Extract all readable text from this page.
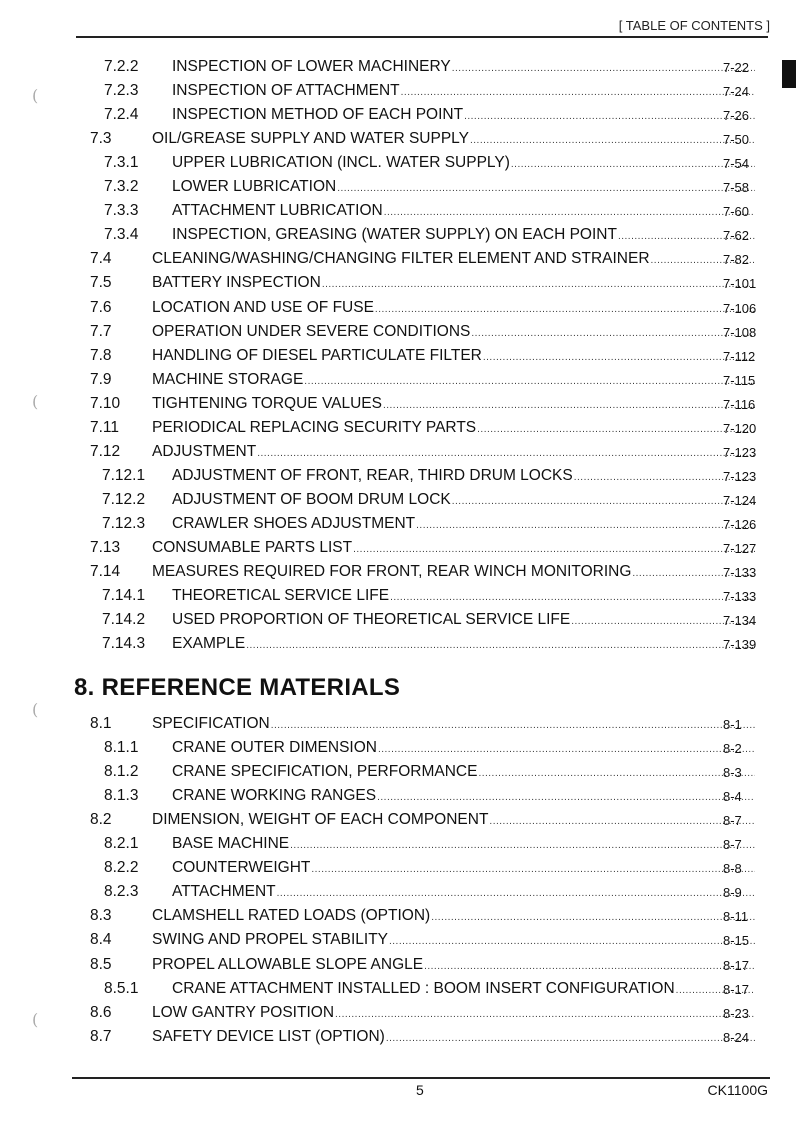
[ TABLE OF CONTENTS ]
(
(
(
(
7.2.2 INSPECTION OF LOWER MACHINERY .....	7-22
7.2.3 INSPECTION OF ATTACHMENT .....	7-24
7.2.4 INSPECTION METHOD OF EACH POINT .....	7-26
7.3	OIL/GREASE SUPPLY AND WATER SUPPLY .....	7-50
7.3.1 UPPER LUBRICATION (INCL. WATER SUPPLY) .....	7-54
7.3.2 LOWER LUBRICATION .....	7-58
7.3.3 ATTACHMENT LUBRICATION .....	7-60
7.3.4 INSPECTION, GREASING (WATER SUPPLY) ON EACH POINT .....	7-62
7.4	CLEANING/WASHING/CHANGING FILTER ELEMENT AND STRAINER .....	7-82
7.5	BATTERY INSPECTION .....	7-101
7.6	LOCATION AND USE OF FUSE .....	7-106
7.7	OPERATION UNDER SEVERE CONDITIONS .....	7-108
7.8	HANDLING OF DIESEL PARTICULATE FILTER .....	7-112
7.9	MACHINE STORAGE .....	7-115
7.10 TIGHTENING TORQUE VALUES .....	7-116
7.11 PERIODICAL REPLACING SECURITY PARTS .....	7-120
7.12 ADJUSTMENT .....	7-123
7.12.1 ADJUSTMENT OF FRONT, REAR, THIRD DRUM LOCKS .....	7-123
7.12.2 ADJUSTMENT OF BOOM DRUM LOCK .....	7-124
7.12.3 CRAWLER SHOES ADJUSTMENT .....	7-126
7.13 CONSUMABLE PARTS LIST .....	7-127
7.14 MEASURES REQUIRED FOR FRONT, REAR WINCH MONITORING .....	7-133
7.14.1 THEORETICAL SERVICE LIFE .....	7-133
7.14.2 USED PROPORTION OF THEORETICAL SERVICE LIFE .....	7-134
7.14.3 EXAMPLE .....	7-139
8. REFERENCE MATERIALS
8.1	SPECIFICATION .....	8-1
8.1.1 CRANE OUTER DIMENSION .....	8-2
8.1.2 CRANE SPECIFICATION, PERFORMANCE .....	8-3
8.1.3 CRANE WORKING RANGES .....	8-4
8.2	DIMENSION, WEIGHT OF EACH COMPONENT .....	8-7
8.2.1 BASE MACHINE .....	8-7
8.2.2 COUNTERWEIGHT .....	8-8
8.2.3 ATTACHMENT .....	8-9
8.3	CLAMSHELL RATED LOADS (OPTION) .....	8-11
8.4	SWING AND PROPEL STABILITY .....	8-15
8.5	PROPEL ALLOWABLE SLOPE ANGLE .....	8-17
8.5.1 CRANE ATTACHMENT INSTALLED : BOOM INSERT CONFIGURATION .....	8-17
8.6	LOW GANTRY POSITION .....	8-23
8.7	SAFETY DEVICE LIST (OPTION) .....	8-24
5	CK1100G
